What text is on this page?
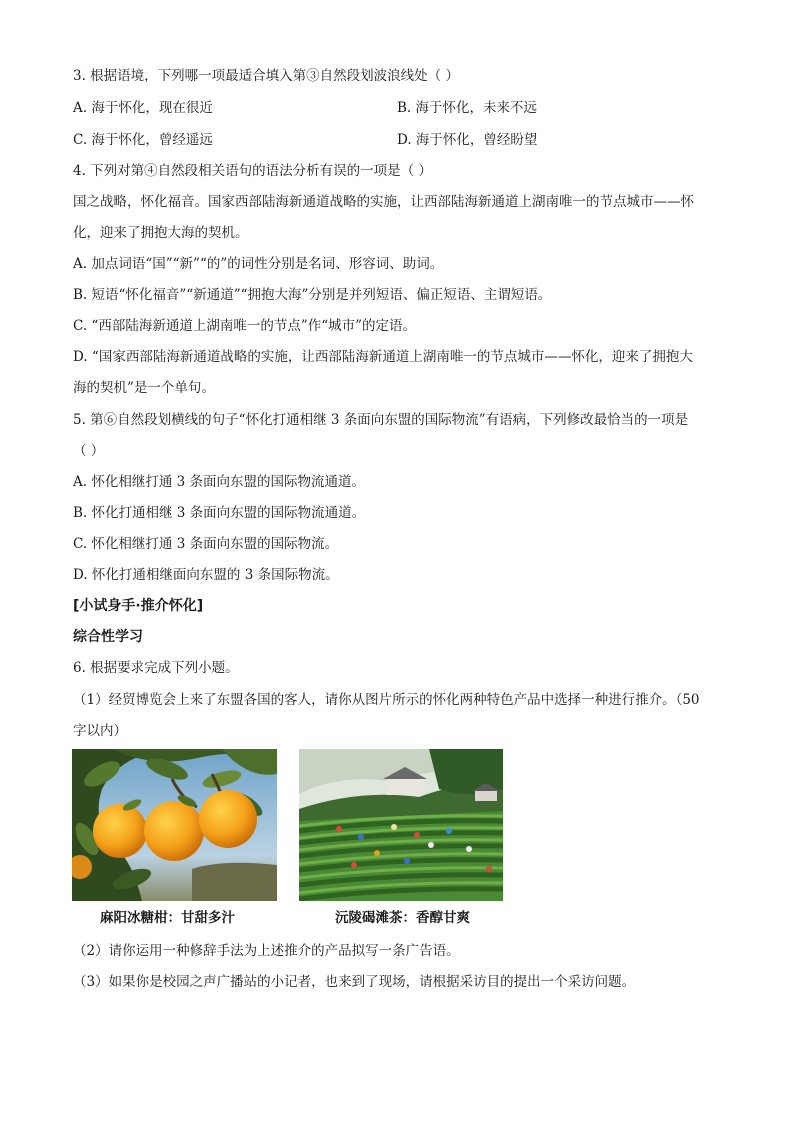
3. 根据语境，下列哪一项最适合填入第③自然段划波浪线处（ ）
A. 海于怀化，现在很近	B. 海于怀化，未来不远
C. 海于怀化，曾经遥远	D. 海于怀化，曾经盼望
4. 下列对第④自然段相关语句的语法分析有误的一项是（ ）
国之战略，怀化福音。国家西部陆海新通道战略的实施，让西部陆海新通道上湖南唯一的节点城市——怀
化，迎来了拥抱大海的契机。
A. 加点词语“国”“新”“的”的词性分别是名词、形容词、助词。
B. 短语“怀化福音”“新通道”“拥抱大海”分别是并列短语、偏正短语、主谓短语。
C. “西部陆海新通道上湖南唯一的节点”作“城市”的定语。
D. “国家西部陆海新通道战略的实施，让西部陆海新通道上湖南唯一的节点城市——怀化，迎来了拥抱大
海的契机”是一个单句。
5. 第⑥自然段划横线的句子“怀化打通相继 3 条面向东盟的国际物流”有语病，下列修改最恰当的一项是
（ ）
A. 怀化相继打通 3 条面向东盟的国际物流通道。
B. 怀化打通相继 3 条面向东盟的国际物流通道。
C. 怀化相继打通 3 条面向东盟的国际物流。
D. 怀化打通相继面向东盟的 3 条国际物流。
[小试身手·推介怀化]
综合性学习
6. 根据要求完成下列小题。
（1）经贸博览会上来了东盟各国的客人，请你从图片所示的怀化两种特色产品中选择一种进行推介。（50
字以内）
麻阳冰糖柑：甘甜多汁	沅陵碣滩茶：香醇甘爽
（2）请你运用一种修辞手法为上述推介的产品拟写一条广告语。
（3）如果你是校园之声广播站的小记者，也来到了现场，请根据采访目的提出一个采访问题。
